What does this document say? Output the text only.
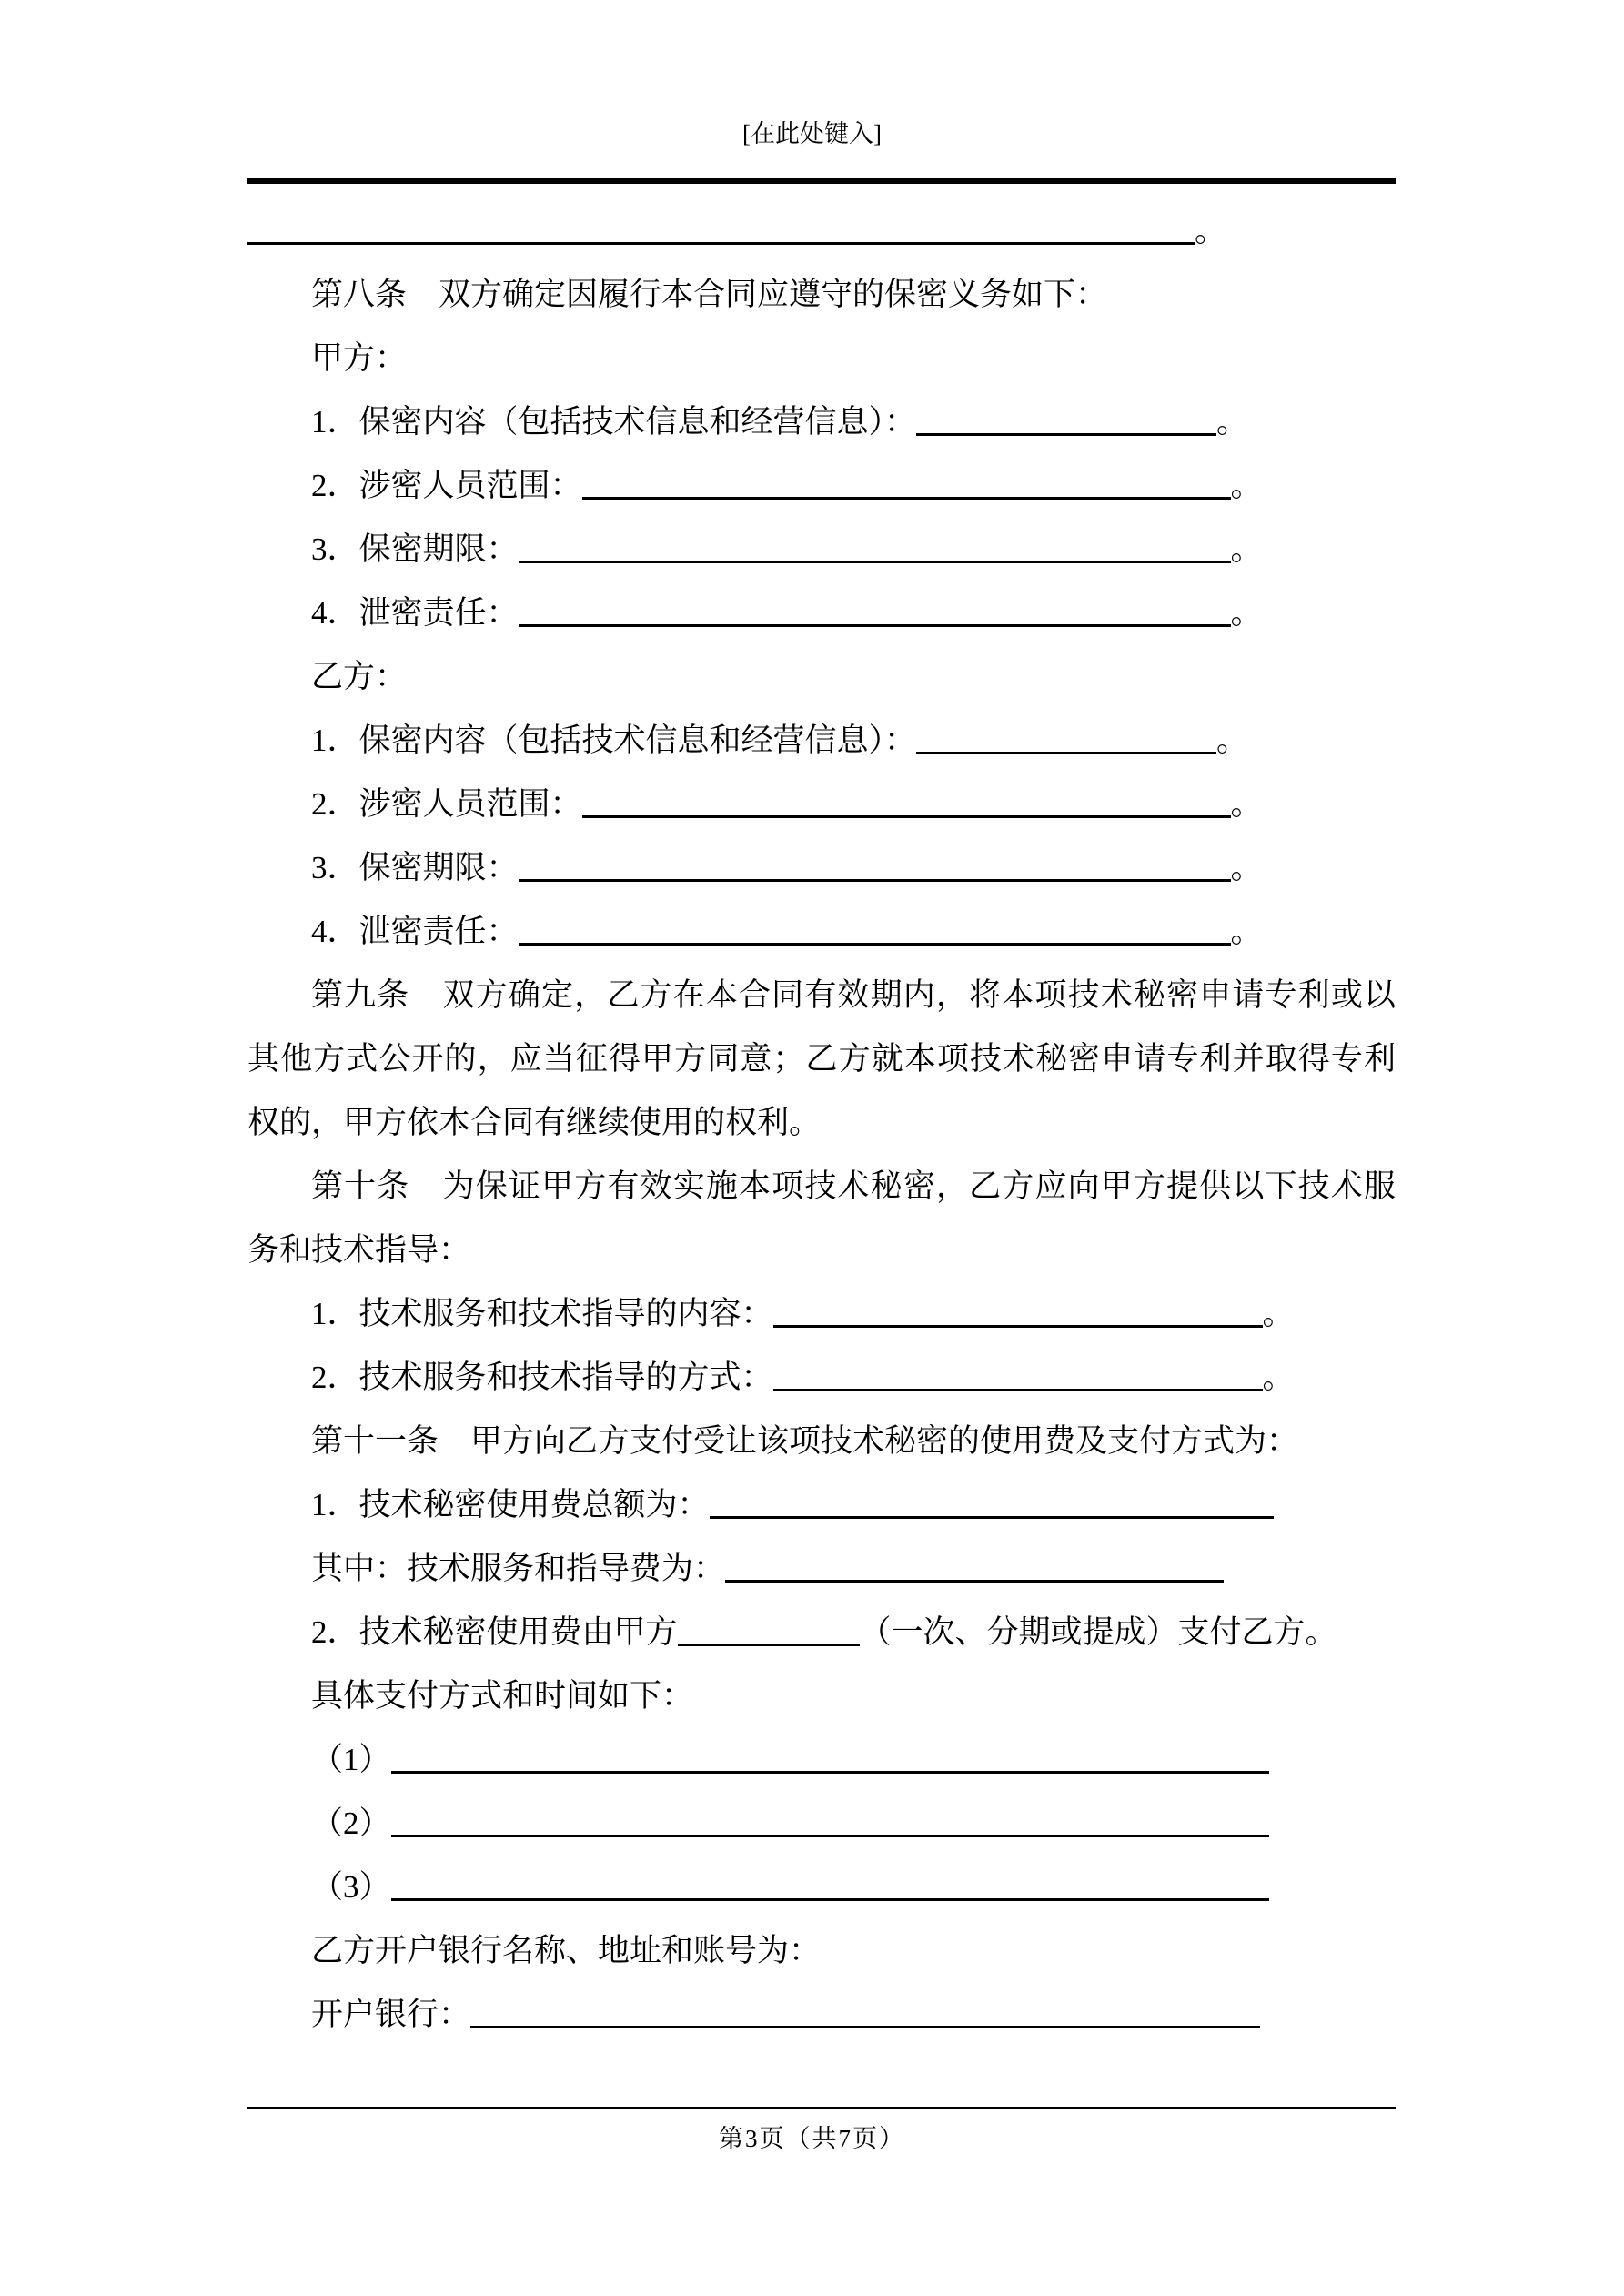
[在此处键入]
。
第八条　双方确定因履行本合同应遵守的保密义务如下：
甲方：
1．保密内容（包括技术信息和经营信息）：	。
2．涉密人员范围：	。
3．保密期限：	。
4．泄密责任：	。
乙方：
1．保密内容（包括技术信息和经营信息）：	。
2．涉密人员范围：	。
3．保密期限：	。
4．泄密责任：	。
第九条　双方确定，乙方在本合同有效期内，将本项技术秘密申请专利或以
其他方式公开的，应当征得甲方同意；乙方就本项技术秘密申请专利并取得专利
权的，甲方依本合同有继续使用的权利。
第十条　为保证甲方有效实施本项技术秘密，乙方应向甲方提供以下技术服
务和技术指导：
1．技术服务和技术指导的内容：	。
2．技术服务和技术指导的方式：	。
第十一条　甲方向乙方支付受让该项技术秘密的使用费及支付方式为：
1．技术秘密使用费总额为：
其中：技术服务和指导费为：
2．技术秘密使用费由甲方	（一次、分期或提成）支付乙方。
具体支付方式和时间如下：
（1）
（2）
（3）
乙方开户银行名称、地址和账号为：
开户银行：
第3页（共7页）
